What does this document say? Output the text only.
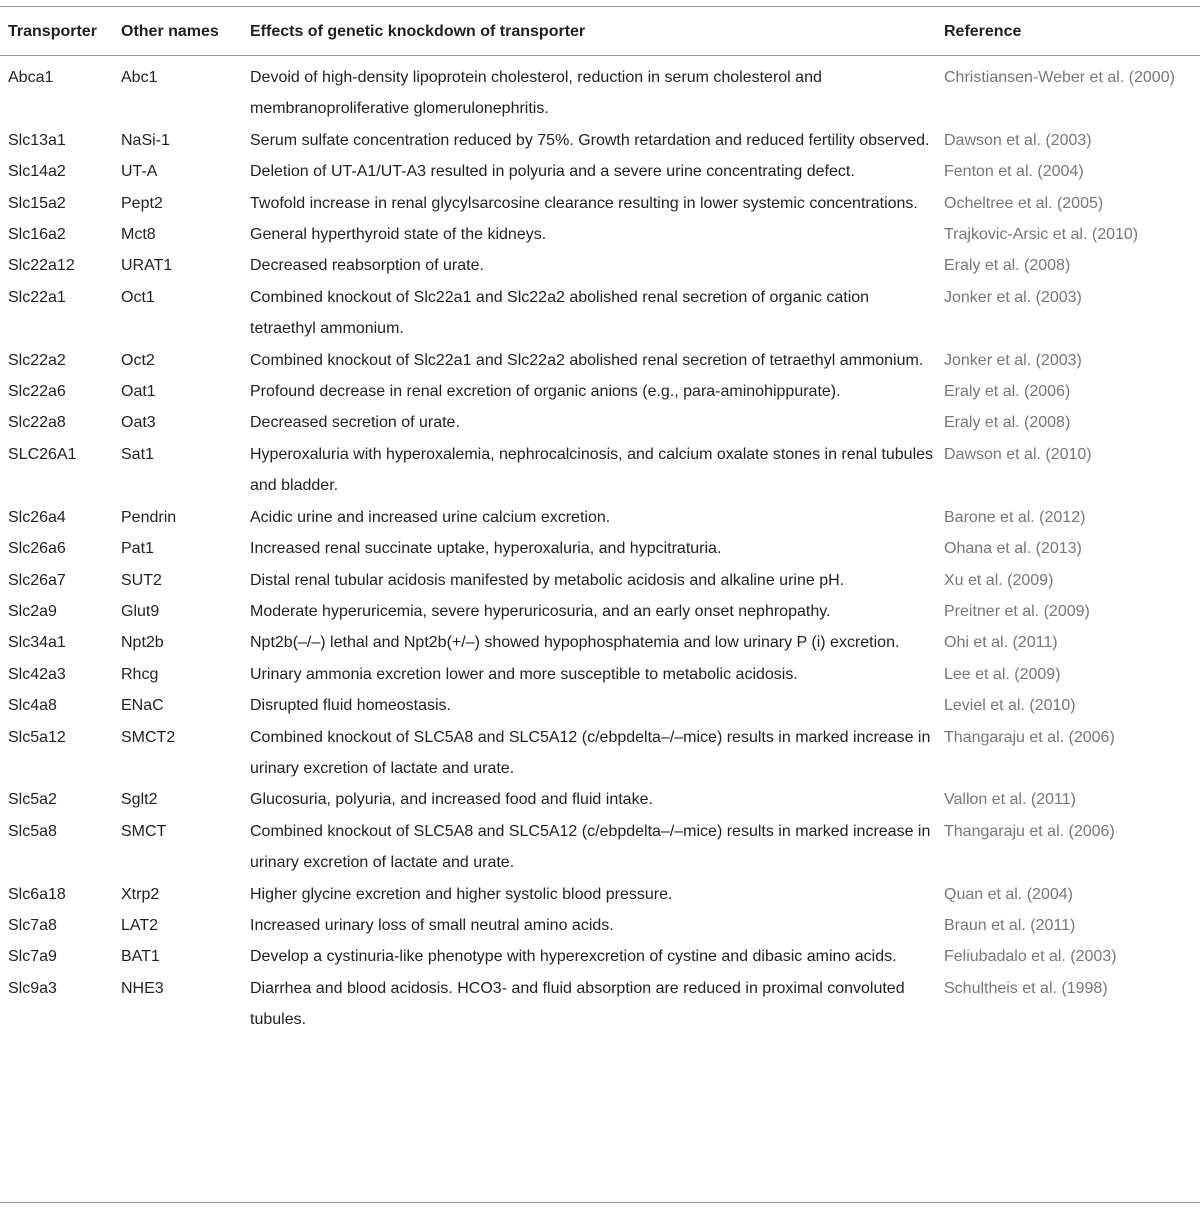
Transporter	Other names	Effects of genetic knockdown of transporter	Reference
Abca1	Abc1	Devoid of high-density lipoprotein cholesterol, reduction in serum cholesterol and membranoproliferative glomerulonephritis.	Christiansen-Weber et al. (2000)
Slc13a1	NaSi-1	Serum sulfate concentration reduced by 75%. Growth retardation and reduced fertility observed.	Dawson et al. (2003)
Slc14a2	UT-A	Deletion of UT-A1/UT-A3 resulted in polyuria and a severe urine concentrating defect.	Fenton et al. (2004)
Slc15a2	Pept2	Twofold increase in renal glycylsarcosine clearance resulting in lower systemic concentrations.	Ocheltree et al. (2005)
Slc16a2	Mct8	General hyperthyroid state of the kidneys.	Trajkovic-Arsic et al. (2010)
Slc22a12	URAT1	Decreased reabsorption of urate.	Eraly et al. (2008)
Slc22a1	Oct1	Combined knockout of Slc22a1 and Slc22a2 abolished renal secretion of organic cation tetraethyl ammonium.	Jonker et al. (2003)
Slc22a2	Oct2	Combined knockout of Slc22a1 and Slc22a2 abolished renal secretion of tetraethyl ammonium.	Jonker et al. (2003)
Slc22a6	Oat1	Profound decrease in renal excretion of organic anions (e.g., para-aminohippurate).	Eraly et al. (2006)
Slc22a8	Oat3	Decreased secretion of urate.	Eraly et al. (2008)
SLC26A1	Sat1	Hyperoxaluria with hyperoxalemia, nephrocalcinosis, and calcium oxalate stones in renal tubules and bladder.	Dawson et al. (2010)
Slc26a4	Pendrin	Acidic urine and increased urine calcium excretion.	Barone et al. (2012)
Slc26a6	Pat1	Increased renal succinate uptake, hyperoxaluria, and hypcitraturia.	Ohana et al. (2013)
Slc26a7	SUT2	Distal renal tubular acidosis manifested by metabolic acidosis and alkaline urine pH.	Xu et al. (2009)
Slc2a9	Glut9	Moderate hyperuricemia, severe hyperuricosuria, and an early onset nephropathy.	Preitner et al. (2009)
Slc34a1	Npt2b	Npt2b(–/–) lethal and Npt2b(+/–) showed hypophosphatemia and low urinary P (i) excretion.	Ohi et al. (2011)
Slc42a3	Rhcg	Urinary ammonia excretion lower and more susceptible to metabolic acidosis.	Lee et al. (2009)
Slc4a8	ENaC	Disrupted fluid homeostasis.	Leviel et al. (2010)
Slc5a12	SMCT2	Combined knockout of SLC5A8 and SLC5A12 (c/ebpdelta–/–mice) results in marked increase in urinary excretion of lactate and urate.	Thangaraju et al. (2006)
Slc5a2	Sglt2	Glucosuria, polyuria, and increased food and fluid intake.	Vallon et al. (2011)
Slc5a8	SMCT	Combined knockout of SLC5A8 and SLC5A12 (c/ebpdelta–/–mice) results in marked increase in urinary excretion of lactate and urate.	Thangaraju et al. (2006)
Slc6a18	Xtrp2	Higher glycine excretion and higher systolic blood pressure.	Quan et al. (2004)
Slc7a8	LAT2	Increased urinary loss of small neutral amino acids.	Braun et al. (2011)
Slc7a9	BAT1	Develop a cystinuria-like phenotype with hyperexcretion of cystine and dibasic amino acids.	Feliubadalo et al. (2003)
Slc9a3	NHE3	Diarrhea and blood acidosis. HCO3- and fluid absorption are reduced in proximal convoluted tubules.	Schultheis et al. (1998)
